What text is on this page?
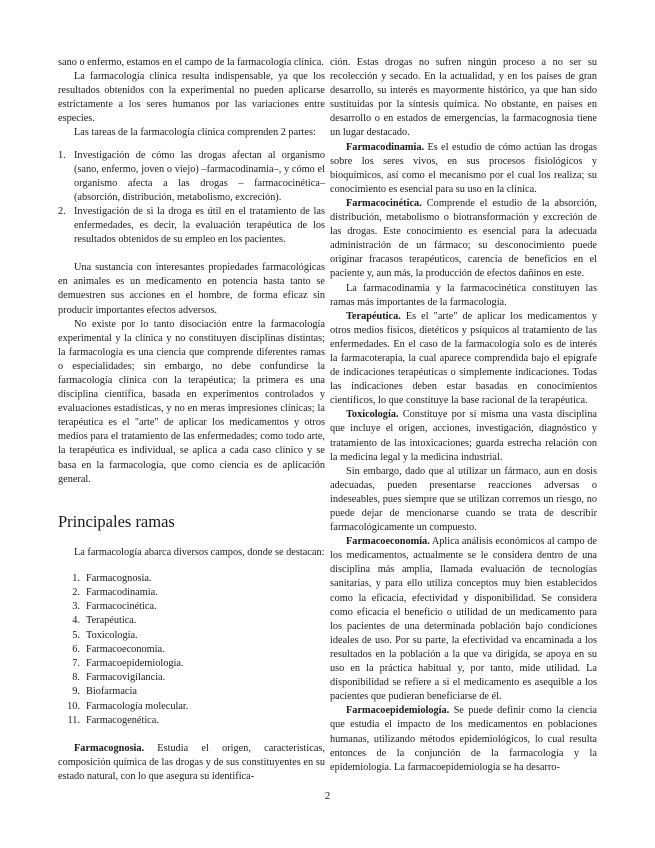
sano o enfermo, estamos en el campo de la farmacología clínica.

La farmacología clínica resulta indispensable, ya que los resultados obtenidos con la experimental no pueden aplicarse estrictamente a los seres humanos por las variaciones entre especies.

Las tareas de la farmacología clínica comprenden 2 partes:

1. Investigación de cómo las drogas afectan al organismo (sano, enfermo, joven o viejo) –farmacodinamia–, y cómo el organismo afecta a las drogas – farmacocinética– (absorción, distribución, metabolismo, excreción).
2. Investigación de si la droga es útil en el tratamiento de las enfermedades, es decir, la evaluación terapéutica de los resultados obtenidos de su empleo en los pacientes.

Una sustancia con interesantes propiedades farmacológicas en animales es un medicamento en potencia hasta tanto se demuestren sus acciones en el hombre, de forma eficaz sin producir importantes efectos adversos.

No existe por lo tanto disociación entre la farmacología experimental y la clínica y no constituyen disciplinas distintas; la farmacología es una ciencia que comprende diferentes ramas o especialidades; sin embargo, no debe confundirse la farmacología clínica con la terapéutica; la primera es una disciplina científica, basada en experimentos controlados y evaluaciones estadísticas, y no en meras impresiones clínicas; la terapéutica es el "arte" de aplicar los medicamentos y otros medios para el tratamiento de las enfermedades; como todo arte, la terapéutica es individual, se aplica a cada caso clínico y se basa en la farmacología, que como ciencia es de aplicación general.

Principales ramas

La farmacología abarca diversos campos, donde se destacan:

1. Farmacognosia.
2. Farmacodinamia.
3. Farmacocinética.
4. Terapéutica.
5. Toxicología.
6. Farmacoeconomía.
7. Farmacoepidemiología.
8. Farmacovigilancia.
9. Biofarmacia
10. Farmacología molecular.
11. Farmacogenética.

Farmacognosia. Estudia el origen, características, composición química de las drogas y de sus constituyentes en su estado natural, con lo que asegura su identifica-

ción. Estas drogas no sufren ningún proceso a no ser su recolección y secado. En la actualidad, y en los países de gran desarrollo, su interés es mayormente histórico, ya que han sido sustituidas por la síntesis química. No obstante, en países en desarrollo o en estados de emergencias, la farmacognosia tiene un lugar destacado.

Farmacodinamia. Es el estudio de cómo actúan las drogas sobre los seres vivos, en sus procesos fisiológicos y bioquímicos, así como el mecanismo por el cual los realiza; su conocimiento es esencial para su uso en la clínica.

Farmacocinética. Comprende el estudio de la absorción, distribución, metabolismo o biotransformación y excreción de las drogas. Este conocimiento es esencial para la adecuada administración de un fármaco; su desconocimiento puede originar fracasos terapéuticos, carencia de beneficios en el paciente y, aun más, la producción de efectos dañinos en este.

La farmacodinamia y la farmacocinética constituyen las ramas más importantes de la farmacología.

Terapéutica. Es el "arte" de aplicar los medicamentos y otros medios físicos, dietéticos y psíquicos al tratamiento de las enfermedades. En el caso de la farmacología solo es de interés la farmacoterapia, la cual aparece comprendida bajo el epígrafe de indicaciones terapéuticas o simplemente indicaciones. Todas las indicaciones deben estar basadas en conocimientos científicos, lo que constituye la base racional de la terapéutica.

Toxicología. Constituye por sí misma una vasta disciplina que incluye el origen, acciones, investigación, diagnóstico y tratamiento de las intoxicaciones; guarda estrecha relación con la medicina legal y la medicina industrial.

Sin embargo, dado que al utilizar un fármaco, aun en dosis adecuadas, pueden presentarse reacciones adversas o indeseables, pues siempre que se utilizan corremos un riesgo, no puede dejar de mencionarse cuando se trata de describir farmacológicamente un compuesto.

Farmacoeconomía. Aplica análisis económicos al campo de los medicamentos, actualmente se le considera dentro de una disciplina más amplia, llamada evaluación de tecnologías sanitarias, y para ello utiliza conceptos muy bien establecidos como la eficacia, efectividad y disponibilidad. Se considera como eficacia el beneficio o utilidad de un medicamento para los pacientes de una determinada población bajo condiciones ideales de uso. Por su parte, la efectividad va encaminada a los resultados en la población a la que va dirigida, se apoya en su uso en la práctica habitual y, por tanto, mide utilidad. La disponibilidad se refiere a si el medicamento es asequible a los pacientes que pudieran beneficiarse de él.

Farmacoepidemiología. Se puede definir como la ciencia que estudia el impacto de los medicamentos en poblaciones humanas, utilizando métodos epidemiológicos, lo cual resulta entonces de la conjunción de la farmacología y la epidemiología. La farmacoepidemiología se ha desarro-

2
